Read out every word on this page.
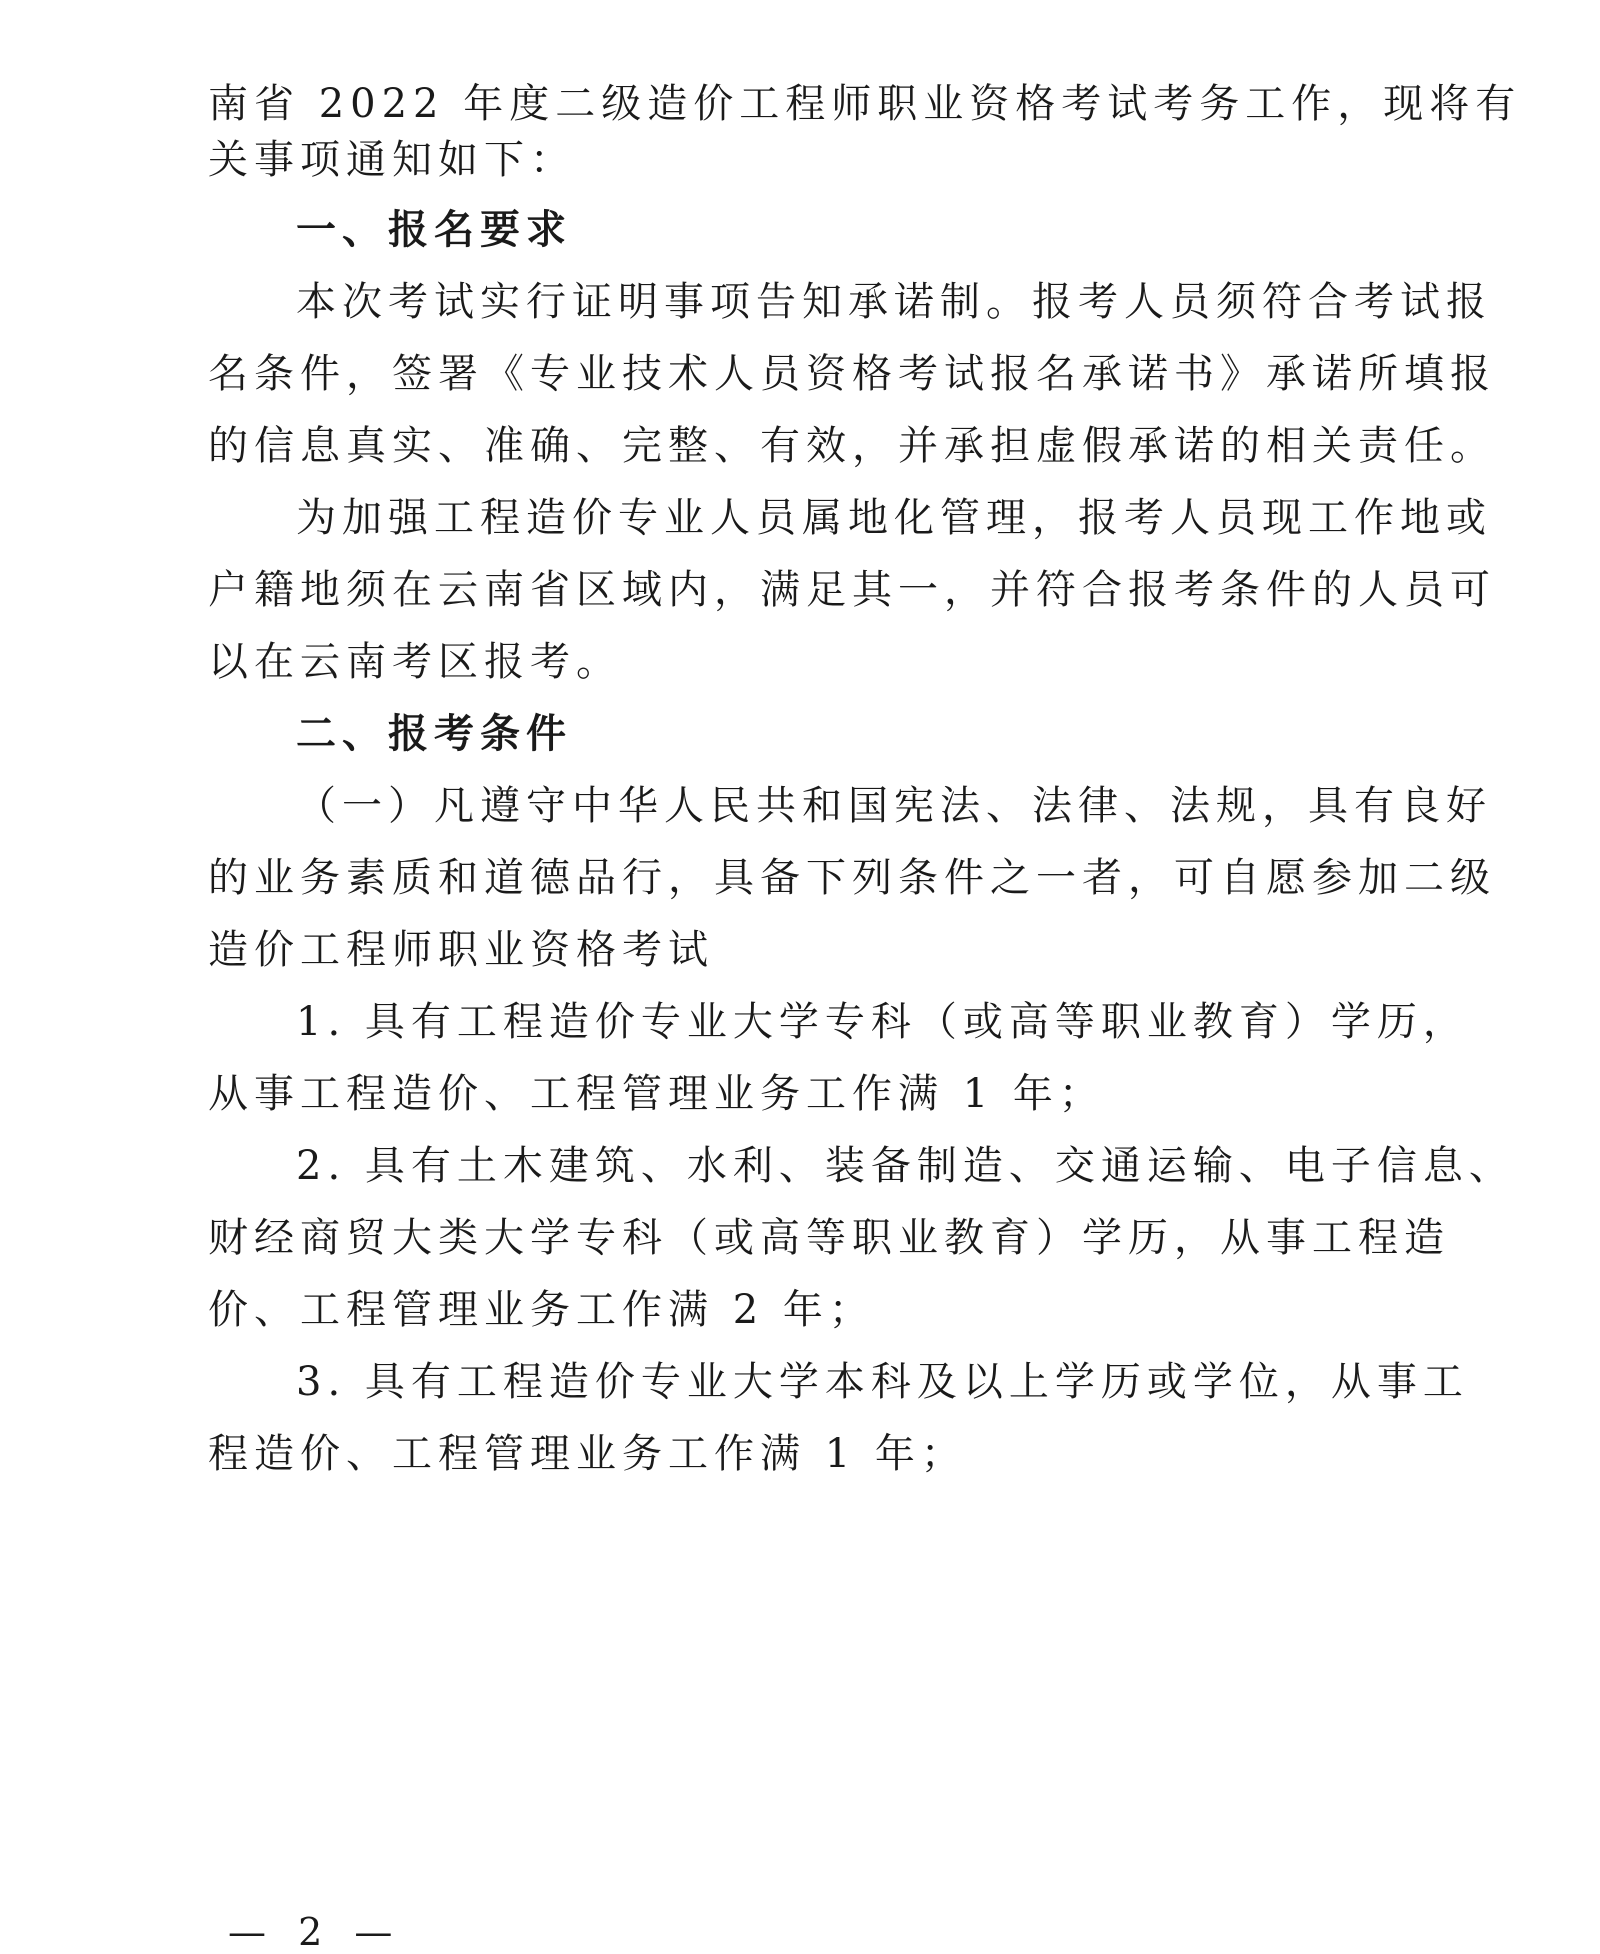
南省 2022 年度二级造价工程师职业资格考试考务工作，现将有
关事项通知如下：
一、报名要求
本次考试实行证明事项告知承诺制。报考人员须符合考试报
名条件，签署《专业技术人员资格考试报名承诺书》承诺所填报
的信息真实、准确、完整、有效，并承担虚假承诺的相关责任。
为加强工程造价专业人员属地化管理，报考人员现工作地或
户籍地须在云南省区域内，满足其一，并符合报考条件的人员可
以在云南考区报考。
二、报考条件
（一）凡遵守中华人民共和国宪法、法律、法规，具有良好
的业务素质和道德品行，具备下列条件之一者，可自愿参加二级
造价工程师职业资格考试
1. 具有工程造价专业大学专科（或高等职业教育）学历，
从事工程造价、工程管理业务工作满 1 年；
2. 具有土木建筑、水利、装备制造、交通运输、电子信息、
财经商贸大类大学专科（或高等职业教育）学历，从事工程造
价、工程管理业务工作满 2 年；
3. 具有工程造价专业大学本科及以上学历或学位，从事工
程造价、工程管理业务工作满 1 年；
— 2 —
